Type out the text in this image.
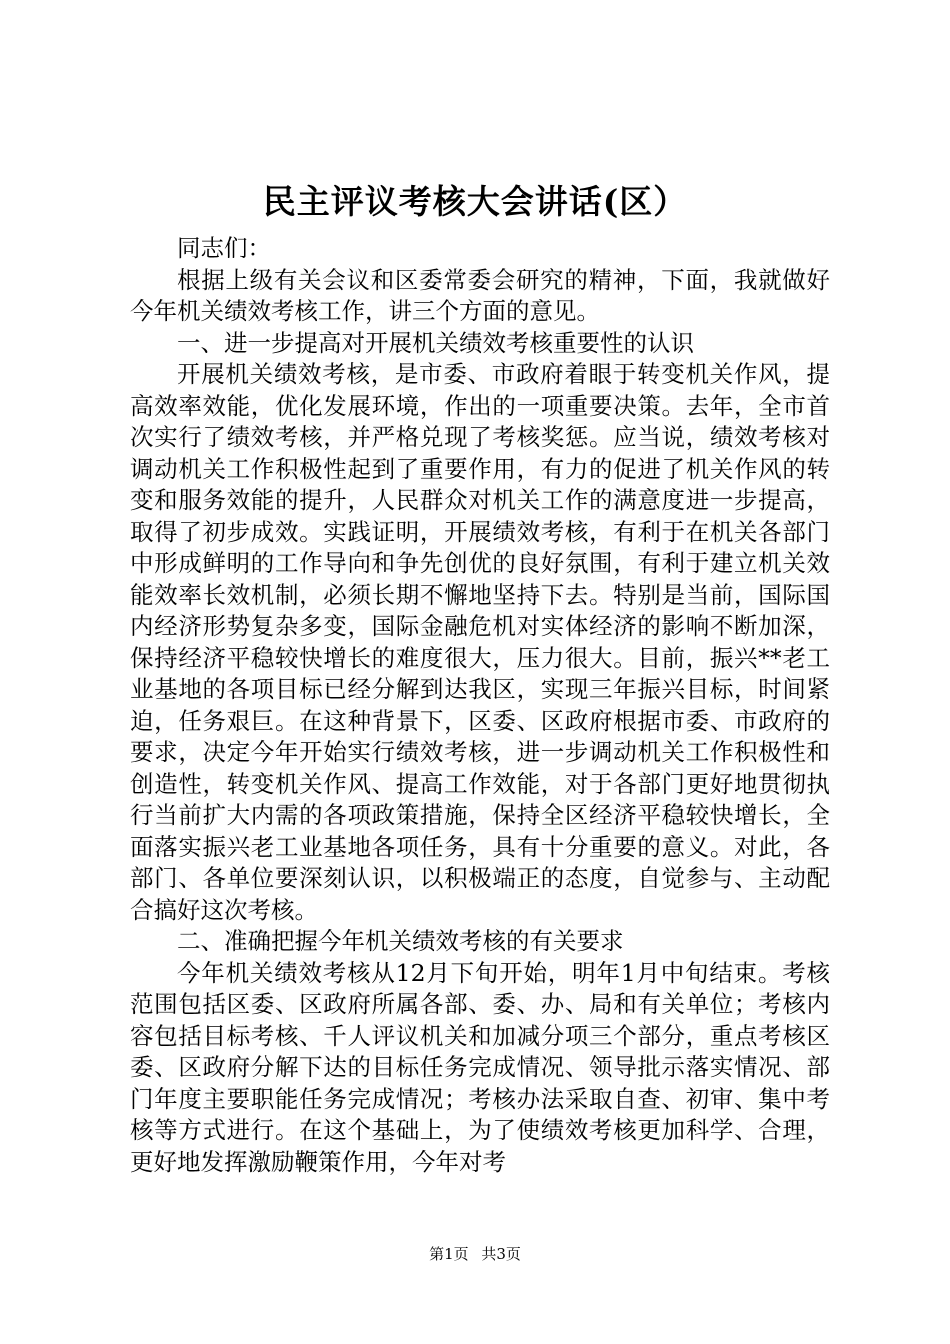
民主评议考核大会讲话(区）

同志们：

根据上级有关会议和区委常委会研究的精神，下面，我就做好今年机关绩效考核工作，讲三个方面的意见。

一、进一步提高对开展机关绩效考核重要性的认识

开展机关绩效考核，是市委、市政府着眼于转变机关作风，提高效率效能，优化发展环境，作出的一项重要决策。去年，全市首次实行了绩效考核，并严格兑现了考核奖惩。应当说，绩效考核对调动机关工作积极性起到了重要作用，有力的促进了机关作风的转变和服务效能的提升，人民群众对机关工作的满意度进一步提高，取得了初步成效。实践证明，开展绩效考核，有利于在机关各部门中形成鲜明的工作导向和争先创优的良好氛围，有利于建立机关效能效率长效机制，必须长期不懈地坚持下去。特别是当前，国际国内经济形势复杂多变，国际金融危机对实体经济的影响不断加深，保持经济平稳较快增长的难度很大，压力很大。目前，振兴**老工业基地的各项目标已经分解到达我区，实现三年振兴目标，时间紧迫，任务艰巨。在这种背景下，区委、区政府根据市委、市政府的要求，决定今年开始实行绩效考核，进一步调动机关工作积极性和创造性，转变机关作风、提高工作效能，对于各部门更好地贯彻执行当前扩大内需的各项政策措施，保持全区经济平稳较快增长，全面落实振兴老工业基地各项任务，具有十分重要的意义。对此，各部门、各单位要深刻认识，以积极端正的态度，自觉参与、主动配合搞好这次考核。

二、准确把握今年机关绩效考核的有关要求

今年机关绩效考核从12月下旬开始，明年1月中旬结束。考核范围包括区委、区政府所属各部、委、办、局和有关单位；考核内容包括目标考核、千人评议机关和加减分项三个部分，重点考核区委、区政府分解下达的目标任务完成情况、领导批示落实情况、部门年度主要职能任务完成情况；考核办法采取自查、初审、集中考核等方式进行。在这个基础上，为了使绩效考核更加科学、合理，更好地发挥激励鞭策作用，今年对考

第1页 共3页
